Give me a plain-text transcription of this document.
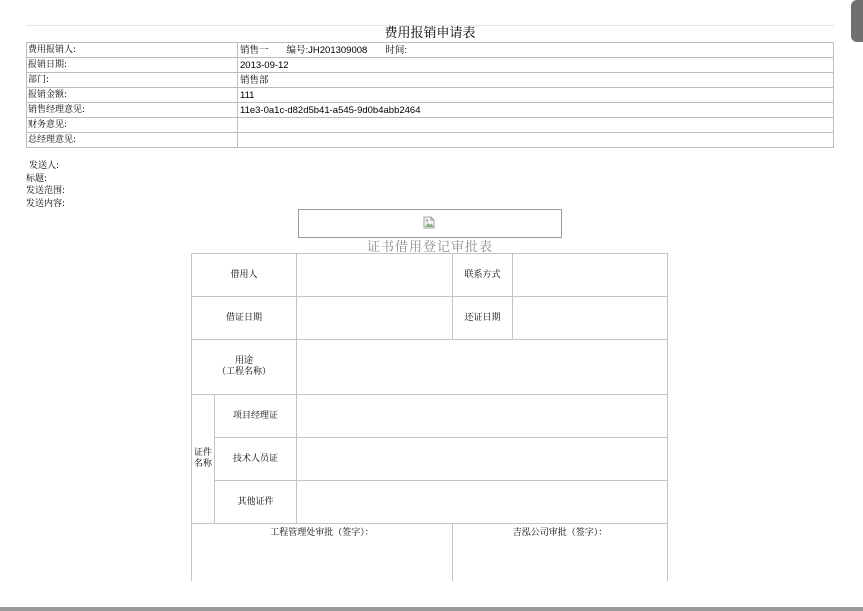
费用报销申请表
费用报销人:	销售一 编号:JH201309008 时间:
报销日期:	2013-09-12
部门:	销售部
报销金额:	111
销售经理意见:	11e3-0a1c-d82d5b41-a545-9d0b4abb2464
财务意见:	
总经理意见:	
发送人:
标题:
发送范围:
发送内容:
证书借用登记审批表
借用人			联系方式	
借证日期			还证日期	

用途
（工程名称）				

证件
名称	项目经理证			
	技术人员证			
	其他证件			
工程管理处审批（签字）：			吉泓公司审批（签字）：	
